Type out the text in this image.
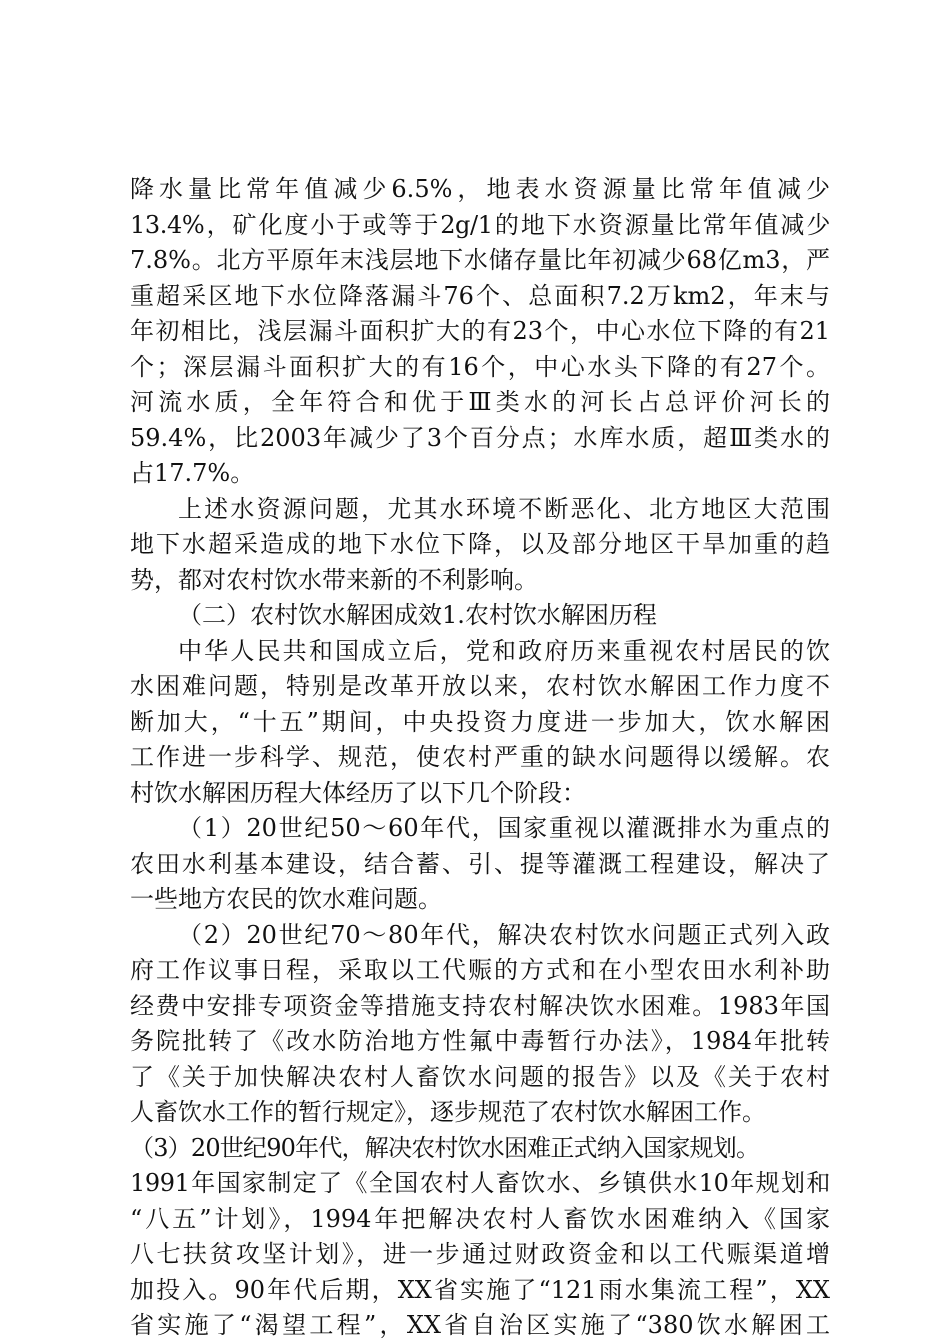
降水量比常年值减少6.5%，地表水资源量比常年值减少
13.4%，矿化度小于或等于2g/1的地下水资源量比常年值减少
7.8%。北方平原年末浅层地下水储存量比年初减少68亿m3，严
重超采区地下水位降落漏斗76个、总面积7.2万km2，年末与
年初相比，浅层漏斗面积扩大的有23个，中心水位下降的有21
个；深层漏斗面积扩大的有16个，中心水头下降的有27个。
河流水质，全年符合和优于Ⅲ类水的河长占总评价河长的
59.4%，比2003年减少了3个百分点；水库水质，超Ⅲ类水的
占17.7%。
上述水资源问题，尤其水环境不断恶化、北方地区大范围
地下水超采造成的地下水位下降，以及部分地区干旱加重的趋
势，都对农村饮水带来新的不利影响。
（二）农村饮水解困成效1.农村饮水解困历程
中华人民共和国成立后，党和政府历来重视农村居民的饮
水困难问题，特别是改革开放以来，农村饮水解困工作力度不
断加大，“十五”期间，中央投资力度进一步加大，饮水解困
工作进一步科学、规范，使农村严重的缺水问题得以缓解。农
村饮水解困历程大体经历了以下几个阶段：
（1）20世纪50～60年代，国家重视以灌溉排水为重点的
农田水利基本建设，结合蓄、引、提等灌溉工程建设，解决了
一些地方农民的饮水难问题。
（2）20世纪70～80年代，解决农村饮水问题正式列入政
府工作议事日程，采取以工代赈的方式和在小型农田水利补助
经费中安排专项资金等措施支持农村解决饮水困难。1983年国
务院批转了《改水防治地方性氟中毒暂行办法》，1984年批转
了《关于加快解决农村人畜饮水问题的报告》以及《关于农村
人畜饮水工作的暂行规定》，逐步规范了农村饮水解困工作。
（3）20世纪90年代，解决农村饮水困难正式纳入国家规划。
1991年国家制定了《全国农村人畜饮水、乡镇供水10年规划和
“八五”计划》，1994年把解决农村人畜饮水困难纳入《国家
八七扶贫攻坚计划》，进一步通过财政资金和以工代赈渠道增
加投入。90年代后期，XX省实施了“121雨水集流工程”，XX
省实施了“渴望工程”，XX省自治区实施了“380饮水解困工
